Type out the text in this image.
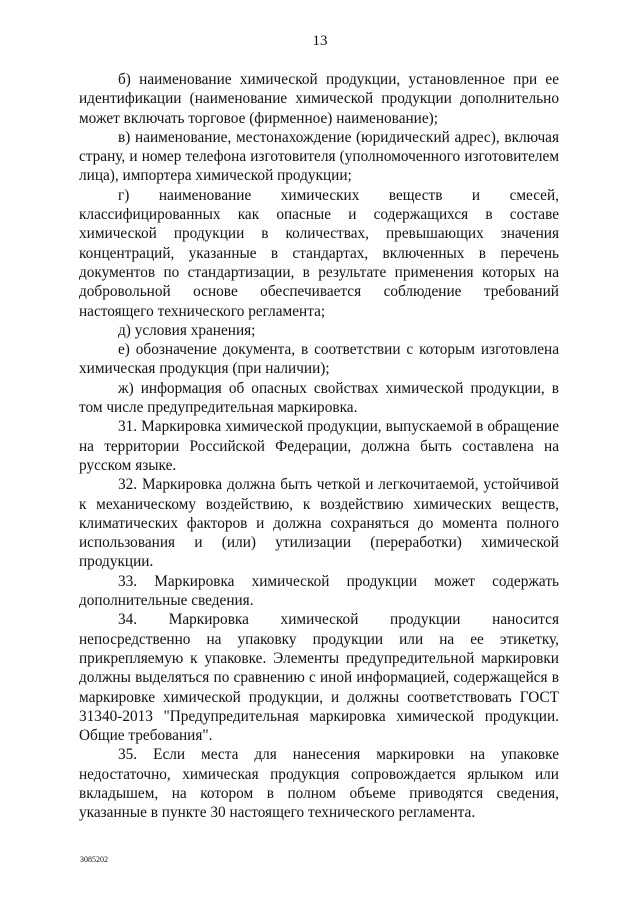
13

б) наименование химической продукции, установленное при ее идентификации (наименование химической продукции дополнительно может включать торговое (фирменное) наименование);

в) наименование, местонахождение (юридический адрес), включая страну, и номер телефона изготовителя (уполномоченного изготовителем лица), импортера химической продукции;

г) наименование химических веществ и смесей, классифицированных как опасные и содержащихся в составе химической продукции в количествах, превышающих значения концентраций, указанные в стандартах, включенных в перечень документов по стандартизации, в результате применения которых на добровольной основе обеспечивается соблюдение требований настоящего технического регламента;

д) условия хранения;

е) обозначение документа, в соответствии с которым изготовлена химическая продукция (при наличии);

ж) информация об опасных свойствах химической продукции, в том числе предупредительная маркировка.

31. Маркировка химической продукции, выпускаемой в обращение на территории Российской Федерации, должна быть составлена на русском языке.

32. Маркировка должна быть четкой и легкочитаемой, устойчивой к механическому воздействию, к воздействию химических веществ, климатических факторов и должна сохраняться до момента полного использования и (или) утилизации (переработки) химической продукции.

33. Маркировка химической продукции может содержать дополнительные сведения.

34. Маркировка химической продукции наносится непосредственно на упаковку продукции или на ее этикетку, прикрепляемую к упаковке. Элементы предупредительной маркировки должны выделяться по сравнению с иной информацией, содержащейся в маркировке химической продукции, и должны соответствовать ГОСТ 31340-2013 "Предупредительная маркировка химической продукции. Общие требования".

35. Если места для нанесения маркировки на упаковке недостаточно, химическая продукция сопровождается ярлыком или вкладышем, на котором в полном объеме приводятся сведения, указанные в пункте 30 настоящего технического регламента.

3085202
